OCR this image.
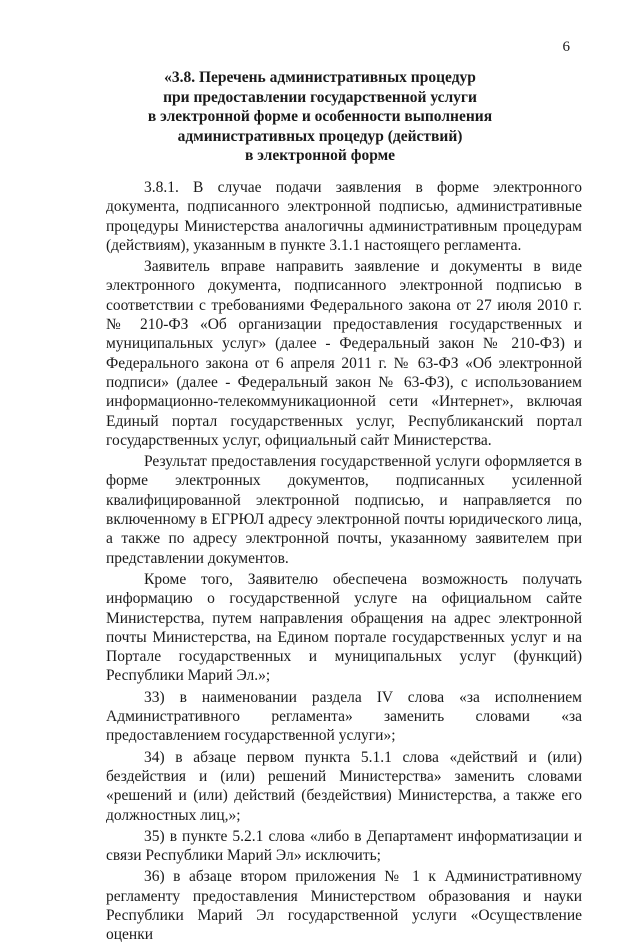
6
«3.8. Перечень административных процедур
при предоставлении государственной услуги
в электронной форме и особенности выполнения
административных процедур (действий)
в электронной форме

3.8.1. В случае подачи заявления в форме электронного документа, подписанного электронной подписью, административные процедуры Министерства аналогичны административным процедурам (действиям), указанным в пункте 3.1.1 настоящего регламента.

Заявитель вправе направить заявление и документы в виде электронного документа, подписанного электронной подписью в соответствии с требованиями Федерального закона от 27 июля 2010 г. № 210-ФЗ «Об организации предоставления государственных и муниципальных услуг» (далее - Федеральный закон № 210-ФЗ) и Федерального закона от 6 апреля 2011 г. № 63-ФЗ «Об электронной подписи» (далее - Федеральный закон № 63-ФЗ), с использованием информационно-телекоммуникационной сети «Интернет», включая Единый портал государственных услуг, Республиканский портал государственных услуг, официальный сайт Министерства.

Результат предоставления государственной услуги оформляется в форме электронных документов, подписанных усиленной квалифицированной электронной подписью, и направляется по включенному в ЕГРЮЛ адресу электронной почты юридического лица, а также по адресу электронной почты, указанному заявителем при представлении документов.

Кроме того, Заявителю обеспечена возможность получать информацию о государственной услуге на официальном сайте Министерства, путем направления обращения на адрес электронной почты Министерства, на Едином портале государственных услуг и на Портале государственных и муниципальных услуг (функций) Республики Марий Эл.»;

33) в наименовании раздела IV слова «за исполнением Административного регламента» заменить словами «за предоставлением государственной услуги»;

34) в абзаце первом пункта 5.1.1 слова «действий и (или) бездействия и (или) решений Министерства» заменить словами «решений и (или) действий (бездействия) Министерства, а также его должностных лиц,»;

35) в пункте 5.2.1 слова «либо в Департамент информатизации и связи Республики Марий Эл» исключить;

36) в абзаце втором приложения № 1 к Административному регламенту предоставления Министерством образования и науки Республики Марий Эл государственной услуги «Осуществление оценки
